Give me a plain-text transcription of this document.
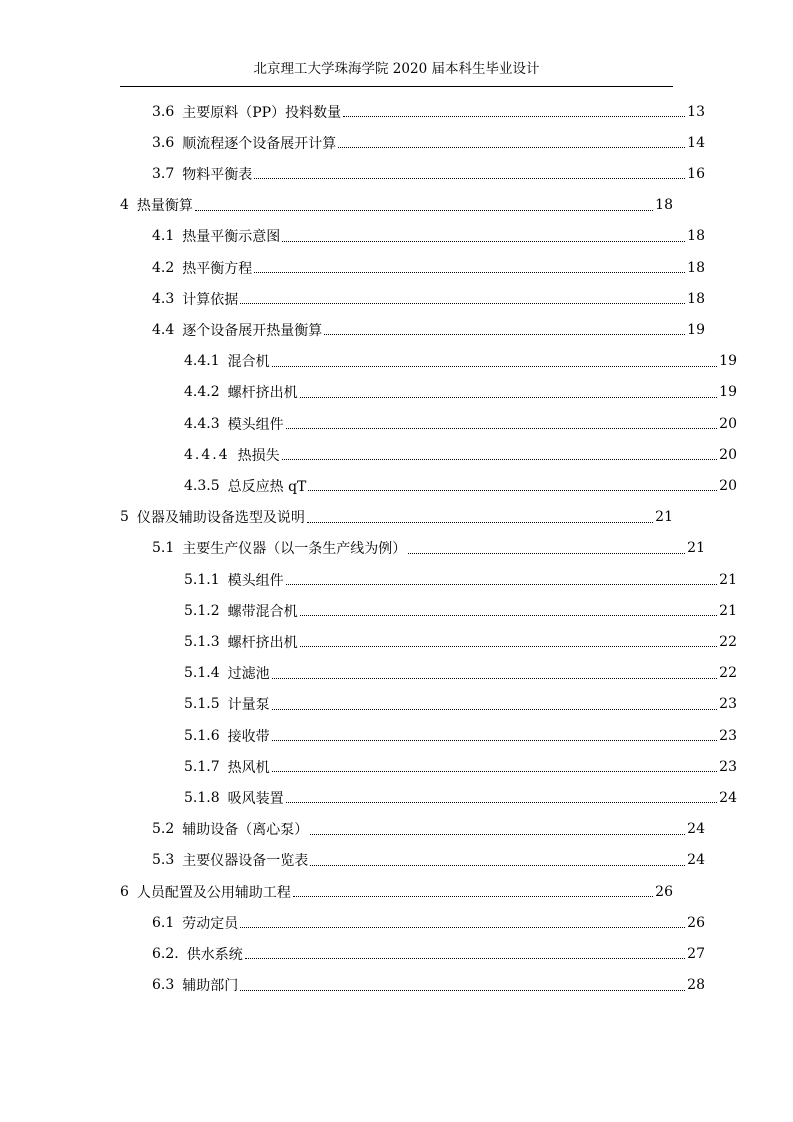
北京理工大学珠海学院 2020 届本科生毕业设计
3.6 主要原料（PP）投料数量	13
3.6 顺流程逐个设备展开计算	14
3.7 物料平衡表	16
4 热量衡算	18
4.1 热量平衡示意图	18
4.2 热平衡方程	18
4.3 计算依据	18
4.4 逐个设备展开热量衡算	19
4.4.1 混合机	19
4.4.2 螺杆挤出机	19
4.4.3 模头组件	20
4.4.4 热损失	20
4.3.5 总反应热 qT	20
5 仪器及辅助设备选型及说明	21
5.1 主要生产仪器（以一条生产线为例）	21
5.1.1 模头组件	21
5.1.2 螺带混合机	21
5.1.3 螺杆挤出机	22
5.1.4 过滤池	22
5.1.5 计量泵	23
5.1.6 接收带	23
5.1.7 热风机	23
5.1.8 吸风装置	24
5.2 辅助设备（离心泵）	24
5.3 主要仪器设备一览表	24
6 人员配置及公用辅助工程	26
6.1 劳动定员	26
6.2. 供水系统	27
6.3 辅助部门	28
